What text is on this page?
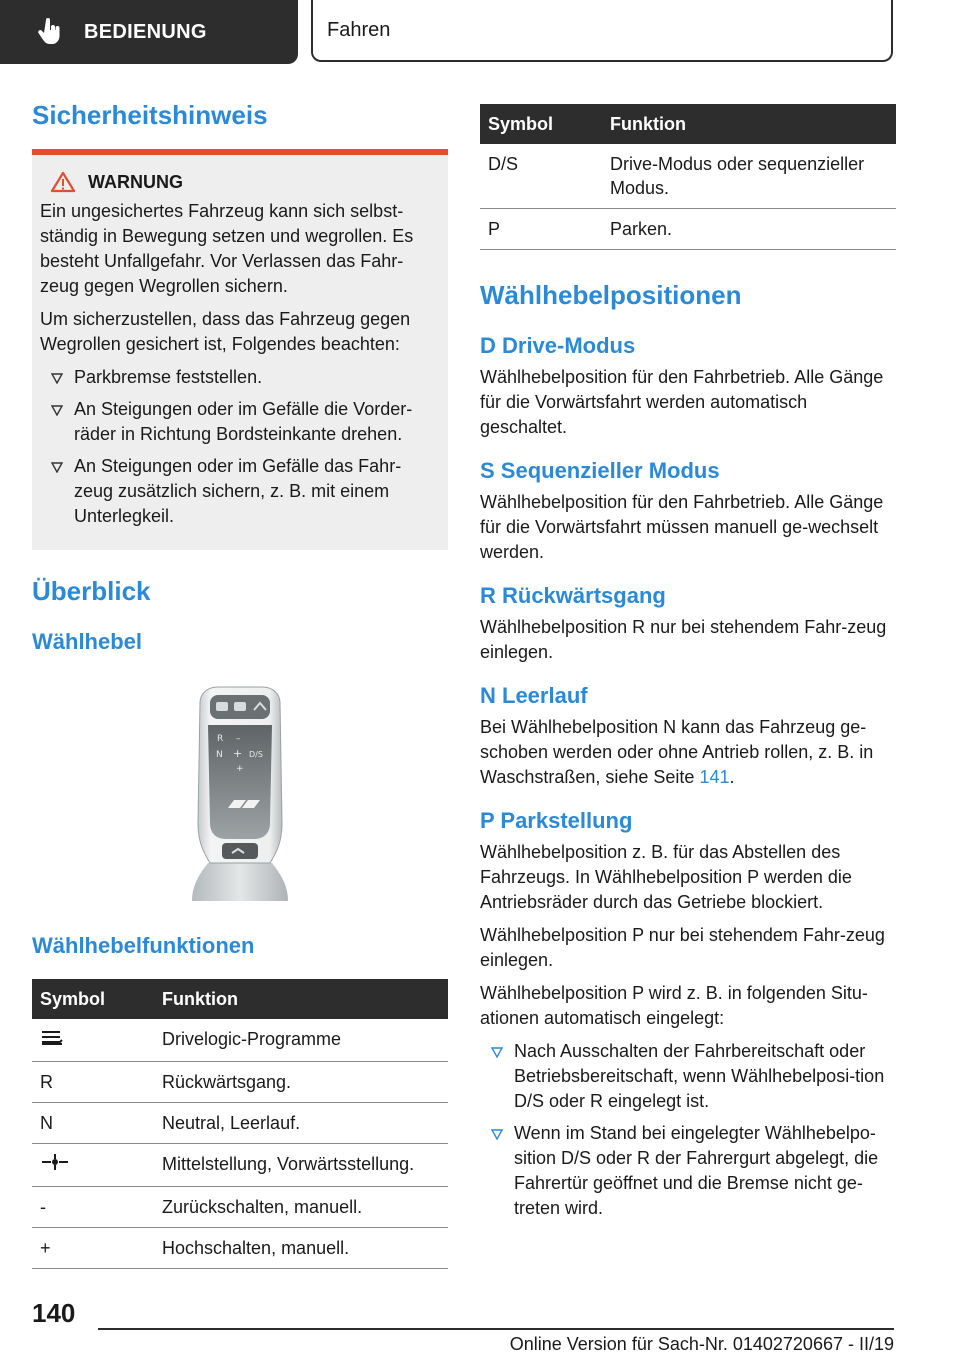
BEDIENUNG	Fahren
Sicherheitshinweis
WARNUNG

Ein ungesichertes Fahrzeug kann sich selbst-ständig in Bewegung setzen und wegrollen. Es besteht Unfallgefahr. Vor Verlassen das Fahr-zeug gegen Wegrollen sichern.

Um sicherzustellen, dass das Fahrzeug gegen Wegrollen gesichert ist, Folgendes beachten:

Parkbremse feststellen.
An Steigungen oder im Gefälle die Vorder-räder in Richtung Bordsteinkante drehen.
An Steigungen oder im Gefälle das Fahr-zeug zusätzlich sichern, z. B. mit einem Unterlegkeil.
Überblick
Wählhebel
R –
N + D/S
+
Wählhebelfunktionen
Symbol	Funktion
	Drivelogic-Programme
R	Rückwärtsgang.
N	Neutral, Leerlauf.
	Mittelstellung, Vorwärtsstellung.
-	Zurückschalten, manuell.
+	Hochschalten, manuell.
Symbol	Funktion
D/S	Drive-Modus oder sequenzieller Modus.
P	Parken.
Wählhebelpositionen
D Drive-Modus

Wählhebelposition für den Fahrbetrieb. Alle Gänge für die Vorwärtsfahrt werden automatisch geschaltet.

S Sequenzieller Modus

Wählhebelposition für den Fahrbetrieb. Alle Gänge für die Vorwärtsfahrt müssen manuell ge-wechselt werden.

R Rückwärtsgang

Wählhebelposition R nur bei stehendem Fahr-zeug einlegen.

N Leerlauf

Bei Wählhebelposition N kann das Fahrzeug ge-schoben werden oder ohne Antrieb rollen, z. B. in Waschstraßen, siehe Seite 141.

P Parkstellung

Wählhebelposition z. B. für das Abstellen des Fahrzeugs. In Wählhebelposition P werden die Antriebsräder durch das Getriebe blockiert.

Wählhebelposition P nur bei stehendem Fahr-zeug einlegen.

Wählhebelposition P wird z. B. in folgenden Situ-ationen automatisch eingelegt:

Nach Ausschalten der Fahrbereitschaft oder Betriebsbereitschaft, wenn Wählhebelposi-tion D/S oder R eingelegt ist.
Wenn im Stand bei eingelegter Wählhebelpo-sition D/S oder R der Fahrergurt abgelegt, die Fahrertür geöffnet und die Bremse nicht ge-treten wird.
140
Online Version für Sach-Nr. 01402720667 - II/19
